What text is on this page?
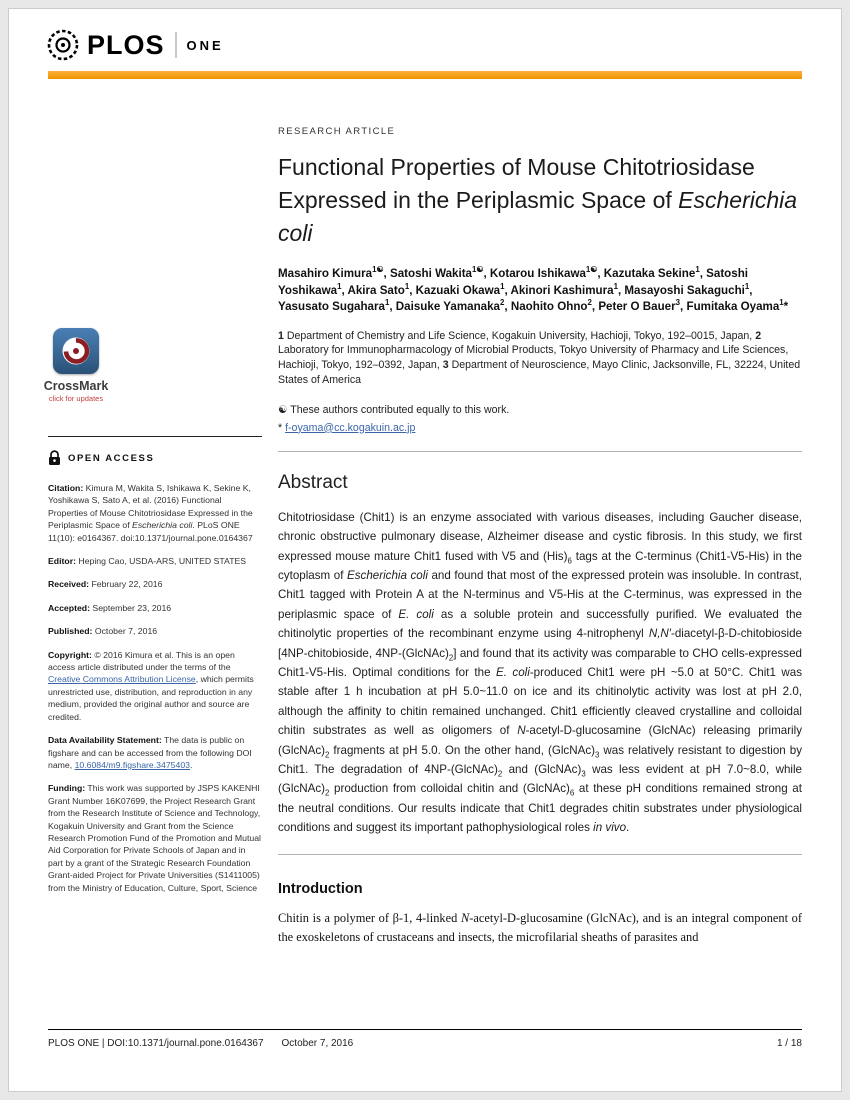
PLOS ONE
CrossMark
click for updates
OPEN ACCESS

Citation: Kimura M, Wakita S, Ishikawa K, Sekine K, Yoshikawa S, Sato A, et al. (2016) Functional Properties of Mouse Chitotriosidase Expressed in the Periplasmic Space of Escherichia coli. PLoS ONE 11(10): e0164367. doi:10.1371/journal.pone.0164367

Editor: Heping Cao, USDA-ARS, UNITED STATES

Received: February 22, 2016

Accepted: September 23, 2016

Published: October 7, 2016

Copyright: © 2016 Kimura et al. This is an open access article distributed under the terms of the Creative Commons Attribution License, which permits unrestricted use, distribution, and reproduction in any medium, provided the original author and source are credited.

Data Availability Statement: The data is public on figshare and can be accessed from the following DOI name, 10.6084/m9.figshare.3475403.

Funding: This work was supported by JSPS KAKENHI Grant Number 16K07699, the Project Research Grant from the Research Institute of Science and Technology, Kogakuin University and Grant from the Science Research Promotion Fund of the Promotion and Mutual Aid Corporation for Private Schools of Japan and in part by a grant of the Strategic Research Foundation Grant-aided Project for Private Universities (S1411005) from the Ministry of Education, Culture, Sport, Science

RESEARCH ARTICLE
Functional Properties of Mouse Chitotriosidase Expressed in the Periplasmic Space of Escherichia coli

Masahiro Kimura$^{1☯}$, Satoshi Wakita$^{1☯}$, Kotarou Ishikawa$^{1☯}$, Kazutaka Sekine$^1$, Satoshi Yoshikawa$^1$, Akira Sato$^1$, Kazuaki Okawa$^1$, Akinori Kashimura$^1$, Masayoshi Sakaguchi$^1$, Yasusato Sugahara$^1$, Daisuke Yamanaka$^2$, Naohito Ohno$^2$, Peter O Bauer$^3$, Fumitaka Oyama$^1$*

1 Department of Chemistry and Life Science, Kogakuin University, Hachioji, Tokyo, 192–0015, Japan, 2 Laboratory for Immunopharmacology of Microbial Products, Tokyo University of Pharmacy and Life Sciences, Hachioji, Tokyo, 192–0392, Japan, 3 Department of Neuroscience, Mayo Clinic, Jacksonville, FL, 32224, United States of America

☯ These authors contributed equally to this work.

* f-oyama@cc.kogakuin.ac.jp

Abstract

Chitotriosidase (Chit1) is an enzyme associated with various diseases, including Gaucher disease, chronic obstructive pulmonary disease, Alzheimer disease and cystic fibrosis. In this study, we first expressed mouse mature Chit1 fused with V5 and $(His)_6$ tags at the C-terminus (Chit1-V5-His) in the cytoplasm of Escherichia coli and found that most of the expressed protein was insoluble. In contrast, Chit1 tagged with Protein A at the N-terminus and V5-His at the C-terminus, was expressed in the periplasmic space of E. coli as a soluble protein and successfully purified. We evaluated the chitinolytic properties of the recombinant enzyme using 4-nitrophenyl N,N′-diacetyl-β-D-chitobioside [4NP-chitobioside, $4NP-(GlcNAc)_2$] and found that its activity was comparable to CHO cells-expressed Chit1-V5-His. Optimal conditions for the E. coli-produced Chit1 were pH ~5.0 at 50°C. Chit1 was stable after 1 h incubation at pH 5.0~11.0 on ice and its chitinolytic activity was lost at pH 2.0, although the affinity to chitin remained unchanged. Chit1 efficiently cleaved crystalline and colloidal chitin substrates as well as oligomers of N-acetyl-D-glucosamine (GlcNAc) releasing primarily $(GlcNAc)_2$ fragments at pH 5.0. On the other hand, $(GlcNAc)_3$ was relatively resistant to digestion by Chit1. The degradation of $4NP-(GlcNAc)_2$ and $(GlcNAc)_3$ was less evident at pH 7.0~8.0, while $(GlcNAc)_2$ production from colloidal chitin and $(GlcNAc)_6$ at these pH conditions remained strong at the neutral conditions. Our results indicate that Chit1 degrades chitin substrates under physiological conditions and suggest its important pathophysiological roles in vivo.

Introduction

Chitin is a polymer of β-1, 4-linked N-acetyl-D-glucosamine (GlcNAc), and is an integral component of the exoskeletons of crustaceans and insects, the microfilarial sheaths of parasites and

PLOS ONE | DOI:10.1371/journal.pone.0164367 October 7, 2016	1 / 18
